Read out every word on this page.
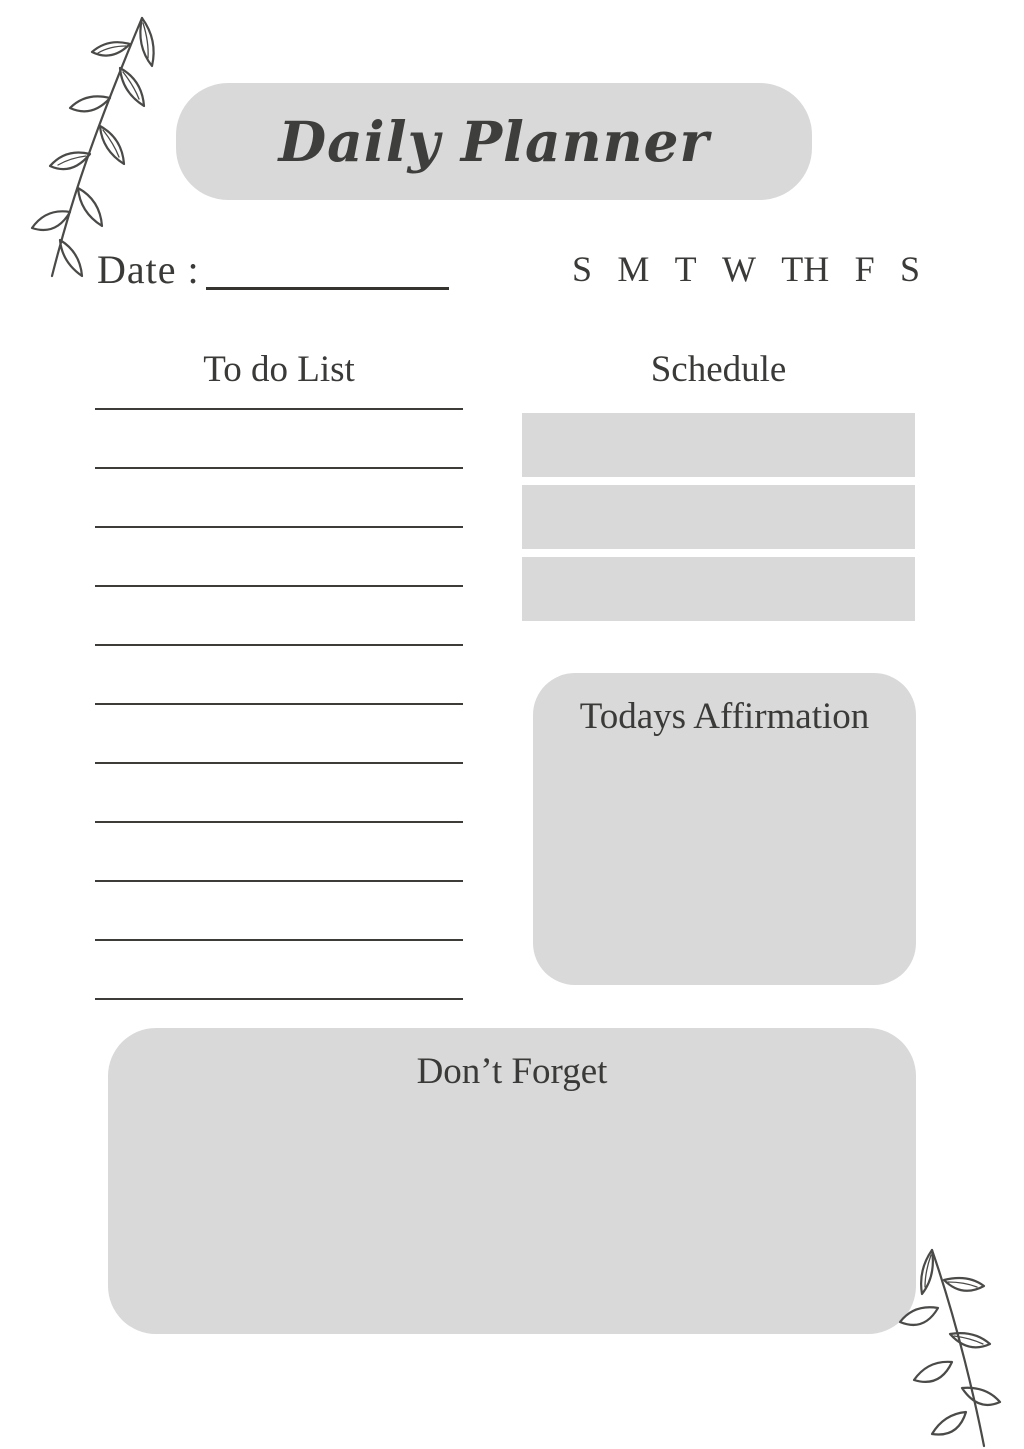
Daily Planner
Date :	S M T W TH F S
To do List	Schedule
Todays Affirmation
Don’t Forget
